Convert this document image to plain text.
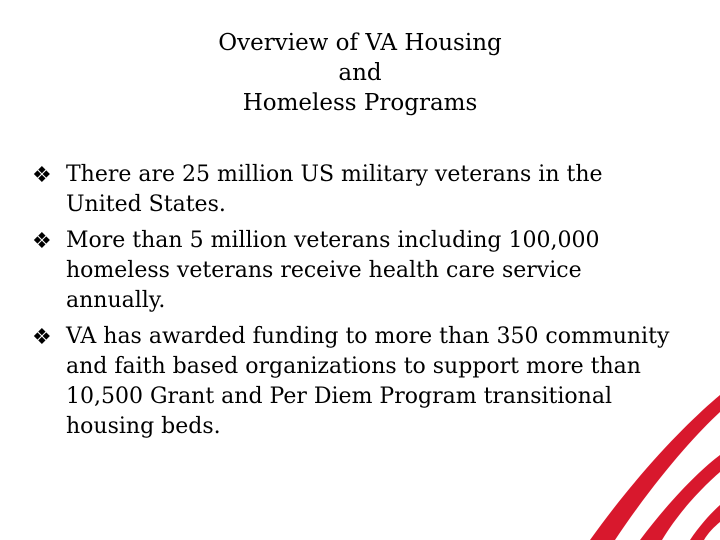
Overview of VA Housing
and
Homeless Programs
❖ There are 25 million US military veterans in the United States.
❖ More than 5 million veterans including 100,000 homeless veterans receive health care service annually.
❖ VA has awarded funding to more than 350 community and faith based organizations to support more than 10,500 Grant and Per Diem Program transitional housing beds.
